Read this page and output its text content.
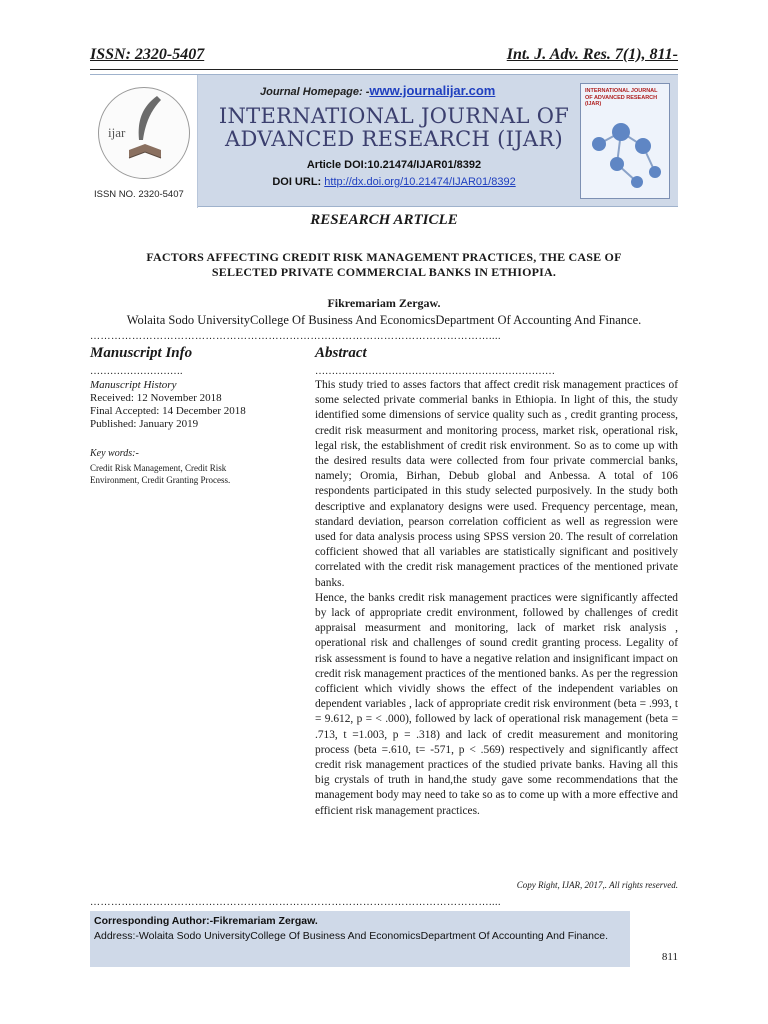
ISSN: 2320-5407	Int. J. Adv. Res. 7(1), 811-
ijar
ISSN NO. 2320-5407
Journal Homepage: -www.journalijar.com
INTERNATIONAL JOURNAL OF
ADVANCED RESEARCH (IJAR)
Article DOI:10.21474/IJAR01/8392
DOI URL: http://dx.doi.org/10.21474/IJAR01/8392
INTERNATIONAL JOURNAL OF ADVANCED RESEARCH (IJAR)
RESEARCH ARTICLE
FACTORS AFFECTING CREDIT RISK MANAGEMENT PRACTICES, THE CASE OF
SELECTED PRIVATE COMMERCIAL BANKS IN ETHIOPIA.
Fikremariam Zergaw.
Wolaita Sodo UniversityCollege Of Business And EconomicsDepartment Of Accounting And Finance.
……………………………………………………………………………………………………....
Manuscript Info
……………………….
Manuscript History
Received: 12 November 2018
Final Accepted: 14 December 2018
Published: January 2019
Key words:-
Credit Risk Management, Credit Risk Environment, Credit Granting Process.
Abstract
………………………………………………………………

This study tried to asses factors that affect credit risk management practices of some selected private commerial banks in Ethiopia. In light of this, the study identified some dimensions of service quality such as , credit granting process, credit risk measurment and monitoring process, market risk, operational risk, legal risk, the establishment of credit risk environment. So as to come up with the desired results data were collected from four private commercial banks, namely; Oromia, Birhan, Debub global and Anbessa. A total of 106 respondents participated in this study selected purposively. In the study both descriptive and explanatory designs were used. Frequency percentage, mean, standard deviation, pearson correlation cofficient as well as regression were used for data analysis process using SPSS version 20. The result of correlation cofficient showed that all variables are statistically significant and positively correlated with the credit risk management practices of the mentioned private banks.

Hence, the banks credit risk management practices were significantly affected by lack of appropriate credit environment, followed by challenges of credit appraisal measurment and monitoring, lack of market risk analysis , operational risk and challenges of sound credit granting process. Legality of risk assessment is found to have a negative relation and insignificant impact on credit risk management practices of the mentioned banks. As per the regression cofficient which vividly shows the effect of the independent variables on dependent variables , lack of appropriate credit risk environment (beta = .993, t = 9.612, p = < .000), followed by lack of operational risk management (beta = .713, t =1.003, p = .318) and lack of credit measurement and monitoring process (beta =.610, t= -571, p < .569) respectively and significantly affect credit risk management practices of the studied private banks. Having all this big crystals of truth in hand,the study gave some recommendations that the management body may need to take so as to come up with a more effective and efficient risk management practices.

Copy Right, IJAR, 2017,. All rights reserved.
……………………………………………………………………………………………………....
Corresponding Author:-Fikremariam Zergaw.
Address:-Wolaita Sodo UniversityCollege Of Business And EconomicsDepartment Of Accounting And Finance.
811
